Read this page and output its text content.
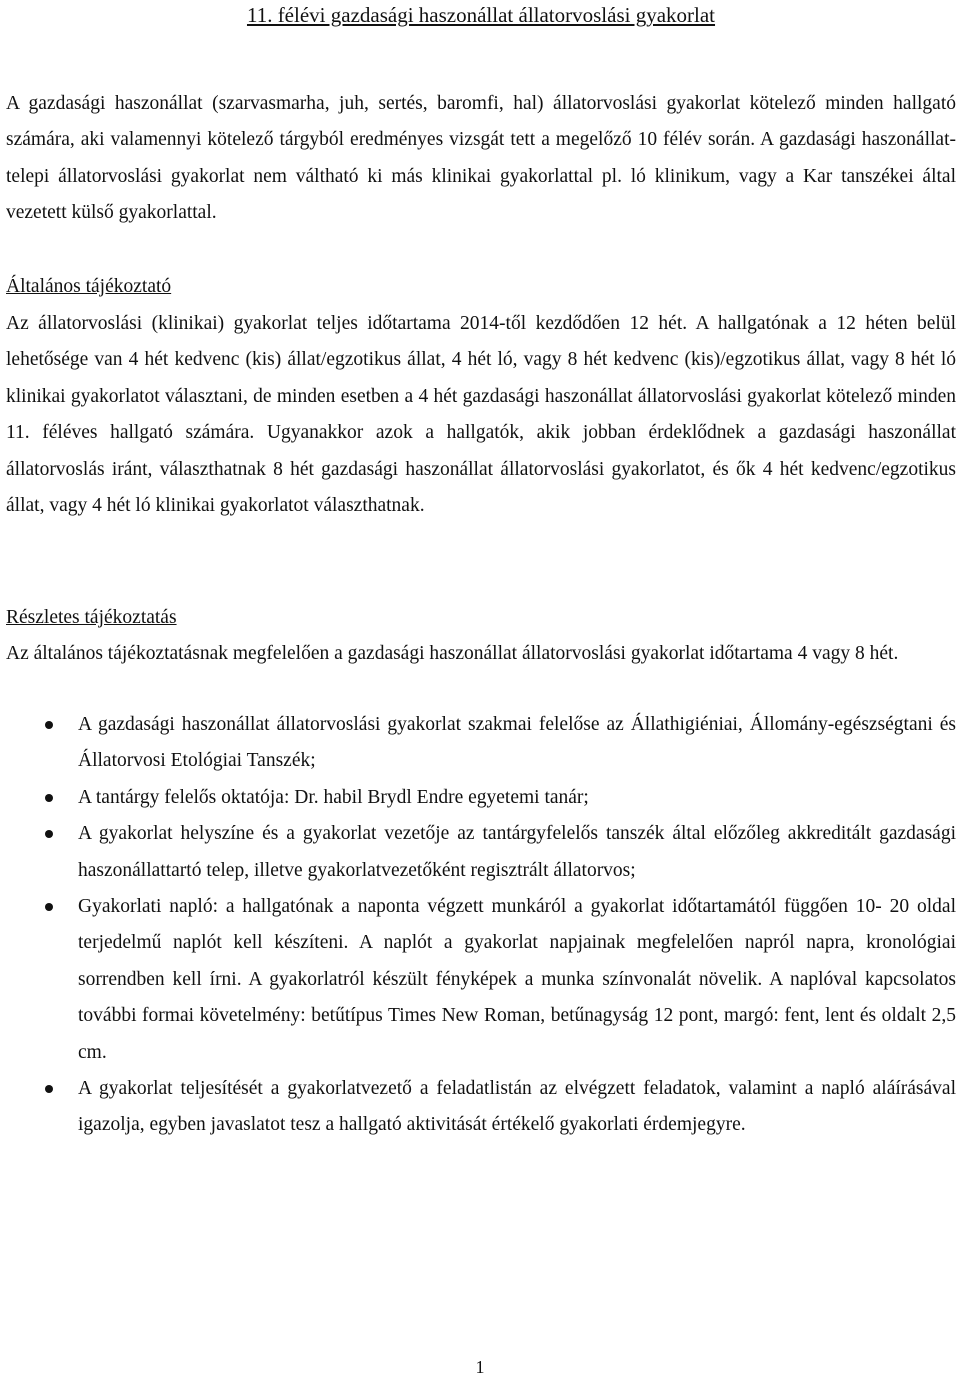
11. félévi gazdasági haszonállat állatorvoslási gyakorlat

A gazdasági haszonállat (szarvasmarha, juh, sertés, baromfi, hal) állatorvoslási gyakorlat kötelező minden hallgató számára, aki valamennyi kötelező tárgyból eredményes vizsgát tett a megelőző 10 félév során. A gazdasági haszonállat-telepi állatorvoslási gyakorlat nem váltható ki más klinikai gyakorlattal pl. ló klinikum, vagy a Kar tanszékei által vezetett külső gyakorlattal.

Általános tájékoztató

Az állatorvoslási (klinikai) gyakorlat teljes időtartama 2014-től kezdődően 12 hét. A hallgatónak a 12 héten belül lehetősége van 4 hét kedvenc (kis) állat/egzotikus állat, 4 hét ló, vagy 8 hét kedvenc (kis)/egzotikus állat, vagy 8 hét ló klinikai gyakorlatot választani, de minden esetben a 4 hét gazdasági haszonállat állatorvoslási gyakorlat kötelező minden 11. féléves hallgató számára. Ugyanakkor azok a hallgatók, akik jobban érdeklődnek a gazdasági haszonállat állatorvoslás iránt, választhatnak 8 hét gazdasági haszonállat állatorvoslási gyakorlatot, és ők 4 hét kedvenc/egzotikus állat, vagy 4 hét ló klinikai gyakorlatot választhatnak.

Részletes tájékoztatás

Az általános tájékoztatásnak megfelelően a gazdasági haszonállat állatorvoslási gyakorlat időtartama 4 vagy 8 hét.

A gazdasági haszonállat állatorvoslási gyakorlat szakmai felelőse az Állathigiéniai, Állomány-egészségtani és Állatorvosi Etológiai Tanszék;
A tantárgy felelős oktatója: Dr. habil Brydl Endre egyetemi tanár;
A gyakorlat helyszíne és a gyakorlat vezetője az tantárgyfelelős tanszék által előzőleg akkreditált gazdasági haszonállattartó telep, illetve gyakorlatvezetőként regisztrált állatorvos;
Gyakorlati napló: a hallgatónak a naponta végzett munkáról a gyakorlat időtartamától függően 10- 20 oldal terjedelmű naplót kell készíteni. A naplót a gyakorlat napjainak megfelelően napról napra, kronológiai sorrendben kell írni. A gyakorlatról készült fényképek a munka színvonalát növelik. A naplóval kapcsolatos további formai követelmény: betűtípus Times New Roman, betűnagyság 12 pont, margó: fent, lent és oldalt 2,5 cm.
A gyakorlat teljesítését a gyakorlatvezető a feladatlistán az elvégzett feladatok, valamint a napló aláírásával igazolja, egyben javaslatot tesz a hallgató aktivitását értékelő gyakorlati érdemjegyre.
1
